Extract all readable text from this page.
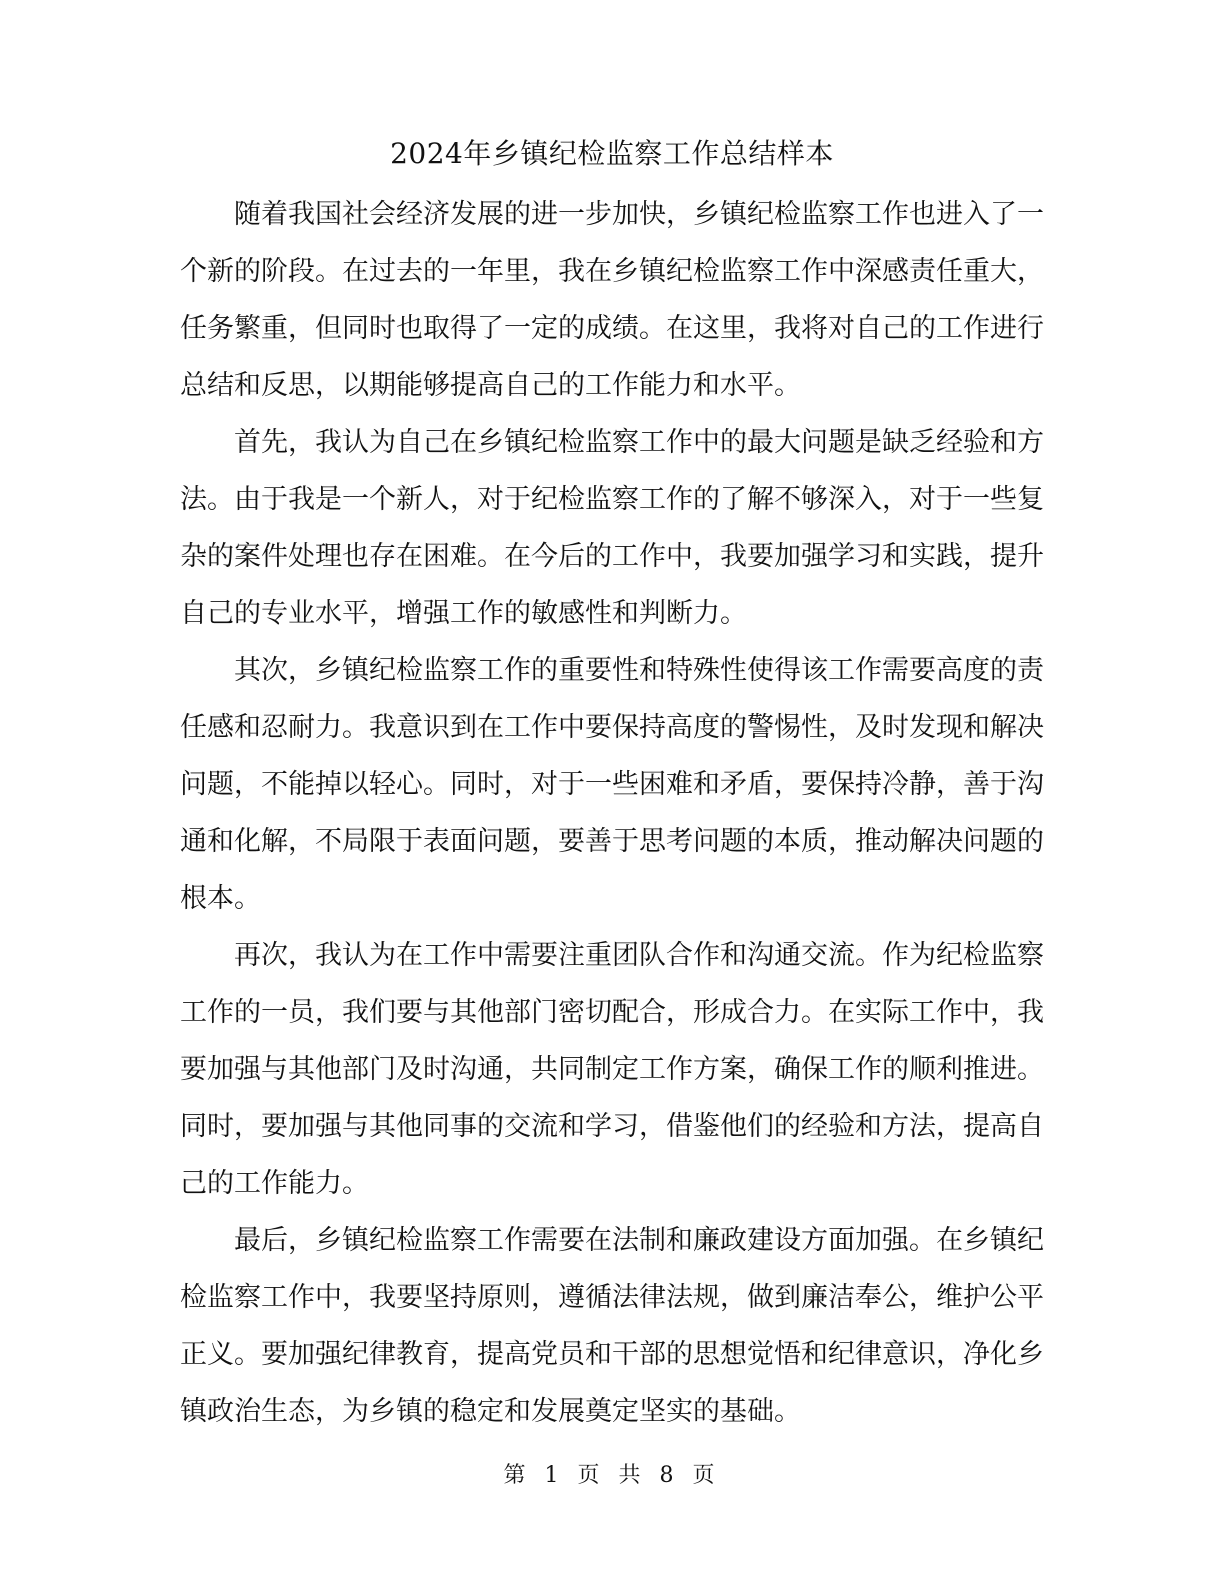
2024年乡镇纪检监察工作总结样本

随着我国社会经济发展的进一步加快，乡镇纪检监察工作也进入了一个新的阶段。在过去的一年里，我在乡镇纪检监察工作中深感责任重大，任务繁重，但同时也取得了一定的成绩。在这里，我将对自己的工作进行总结和反思，以期能够提高自己的工作能力和水平。

首先，我认为自己在乡镇纪检监察工作中的最大问题是缺乏经验和方法。由于我是一个新人，对于纪检监察工作的了解不够深入，对于一些复杂的案件处理也存在困难。在今后的工作中，我要加强学习和实践，提升自己的专业水平，增强工作的敏感性和判断力。

其次，乡镇纪检监察工作的重要性和特殊性使得该工作需要高度的责任感和忍耐力。我意识到在工作中要保持高度的警惕性，及时发现和解决问题，不能掉以轻心。同时，对于一些困难和矛盾，要保持冷静，善于沟通和化解，不局限于表面问题，要善于思考问题的本质，推动解决问题的根本。

再次，我认为在工作中需要注重团队合作和沟通交流。作为纪检监察工作的一员，我们要与其他部门密切配合，形成合力。在实际工作中，我要加强与其他部门及时沟通，共同制定工作方案，确保工作的顺利推进。同时，要加强与其他同事的交流和学习，借鉴他们的经验和方法，提高自己的工作能力。

最后，乡镇纪检监察工作需要在法制和廉政建设方面加强。在乡镇纪检监察工作中，我要坚持原则，遵循法律法规，做到廉洁奉公，维护公平正义。要加强纪律教育，提高党员和干部的思想觉悟和纪律意识，净化乡镇政治生态，为乡镇的稳定和发展奠定坚实的基础。

第 1 页 共 8 页
